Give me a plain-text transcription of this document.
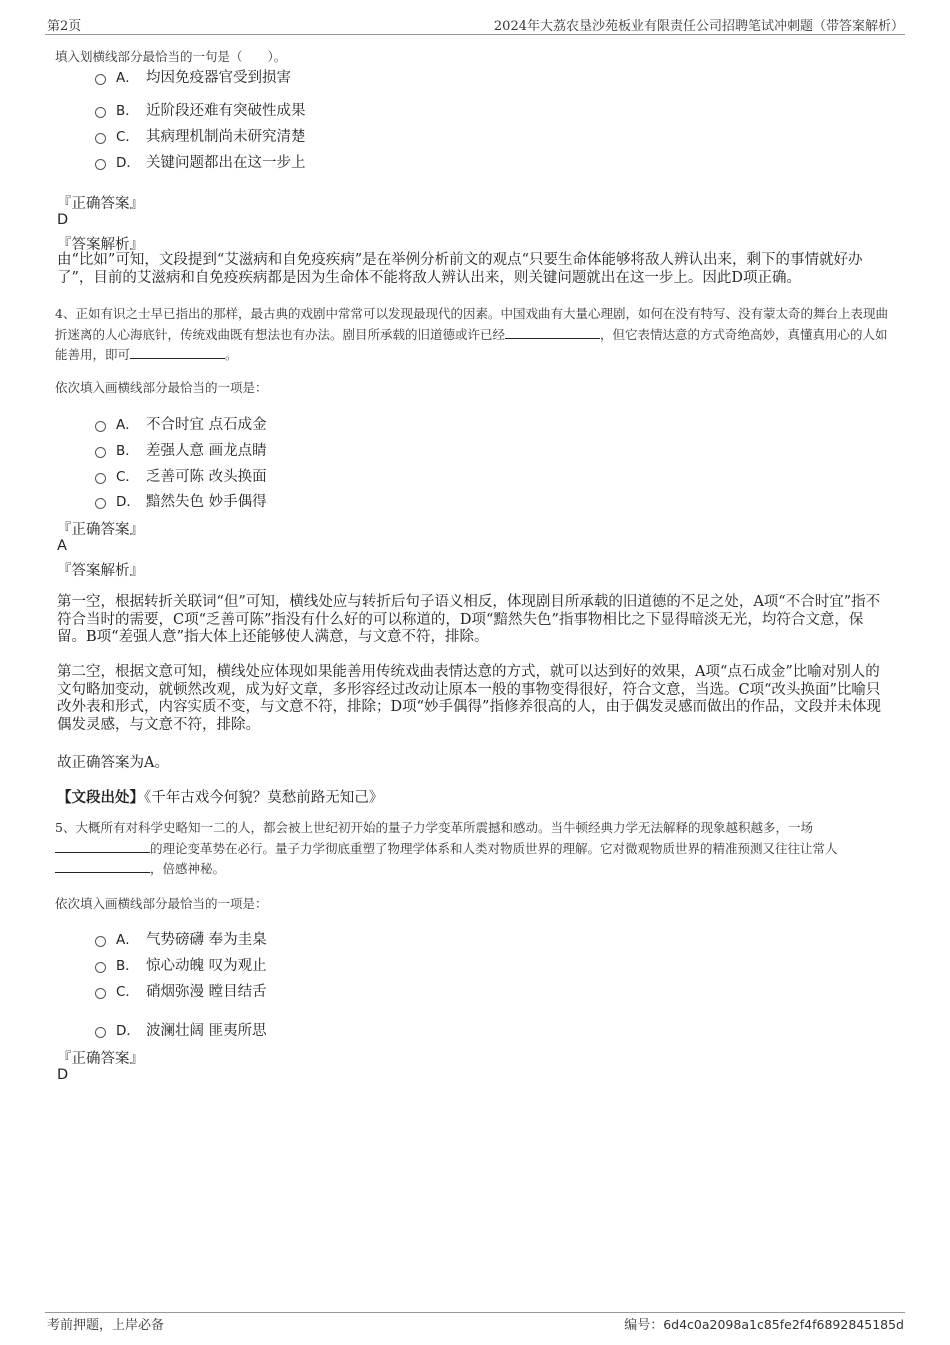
第2页	2024年大荔农垦沙苑板业有限责任公司招聘笔试冲刺题（带答案解析）
填入划横线部分最恰当的一句是（　　）。
A． 均因免疫器官受到损害
B． 近阶段还难有突破性成果
C． 其病理机制尚未研究清楚
D． 关键问题都出在这一步上
『正确答案』
D
『答案解析』
由“比如”可知，文段提到“艾滋病和自免疫疾病”是在举例分析前文的观点“只要生命体能够将敌人辨认出来，剩下的事情就好办了”，目前的艾滋病和自免疫疾病都是因为生命体不能将敌人辨认出来，则关键问题就出在这一步上。因此D项正确。
4、正如有识之士早已指出的那样，最古典的戏剧中常常可以发现最现代的因素。中国戏曲有大量心理剧，如何在没有特写、没有蒙太奇的舞台上表现曲折迷离的人心海底针，传统戏曲既有想法也有办法。剧目所承载的旧道德或许已经	，但它表情达意的方式奇绝高妙，真懂真用心的人如能善用，即可	。
依次填入画横线部分最恰当的一项是：
A． 不合时宜 点石成金
B． 差强人意 画龙点睛
C． 乏善可陈 改头换面
D． 黯然失色 妙手偶得
『正确答案』
A
『答案解析』
第一空，根据转折关联词“但”可知，横线处应与转折后句子语义相反，体现剧目所承载的旧道德的不足之处，A项“不合时宜”指不符合当时的需要，C项“乏善可陈”指没有什么好的可以称道的，D项“黯然失色”指事物相比之下显得暗淡无光，均符合文意，保留。B项“差强人意”指大体上还能够使人满意，与文意不符，排除。
第二空，根据文意可知，横线处应体现如果能善用传统戏曲表情达意的方式，就可以达到好的效果，A项“点石成金”比喻对别人的文句略加变动，就顿然改观，成为好文章，多形容经过改动让原本一般的事物变得很好，符合文意，当选。C项“改头换面”比喻只改外表和形式，内容实质不变，与文意不符，排除；D项“妙手偶得”指修养很高的人，由于偶发灵感而做出的作品，文段并未体现偶发灵感，与文意不符，排除。
故正确答案为A。
【文段出处】《千年古戏今何貌？莫愁前路无知己》
5、大概所有对科学史略知一二的人，都会被上世纪初开始的量子力学变革所震撼和感动。当牛顿经典力学无法解释的现象越积越多，一场的理论变革势在必行。量子力学彻底重塑了物理学体系和人类对物质世界的理解。它对微观物质世界的精准预测又往往让常人，倍感神秘。
依次填入画横线部分最恰当的一项是：
A． 气势磅礴 奉为圭臬
B． 惊心动魄 叹为观止
C． 硝烟弥漫 瞠目结舌
D． 波澜壮阔 匪夷所思
『正确答案』
D
考前押题，上岸必备	编号：6d4c0a2098a1c85fe2f4f6892845185d
